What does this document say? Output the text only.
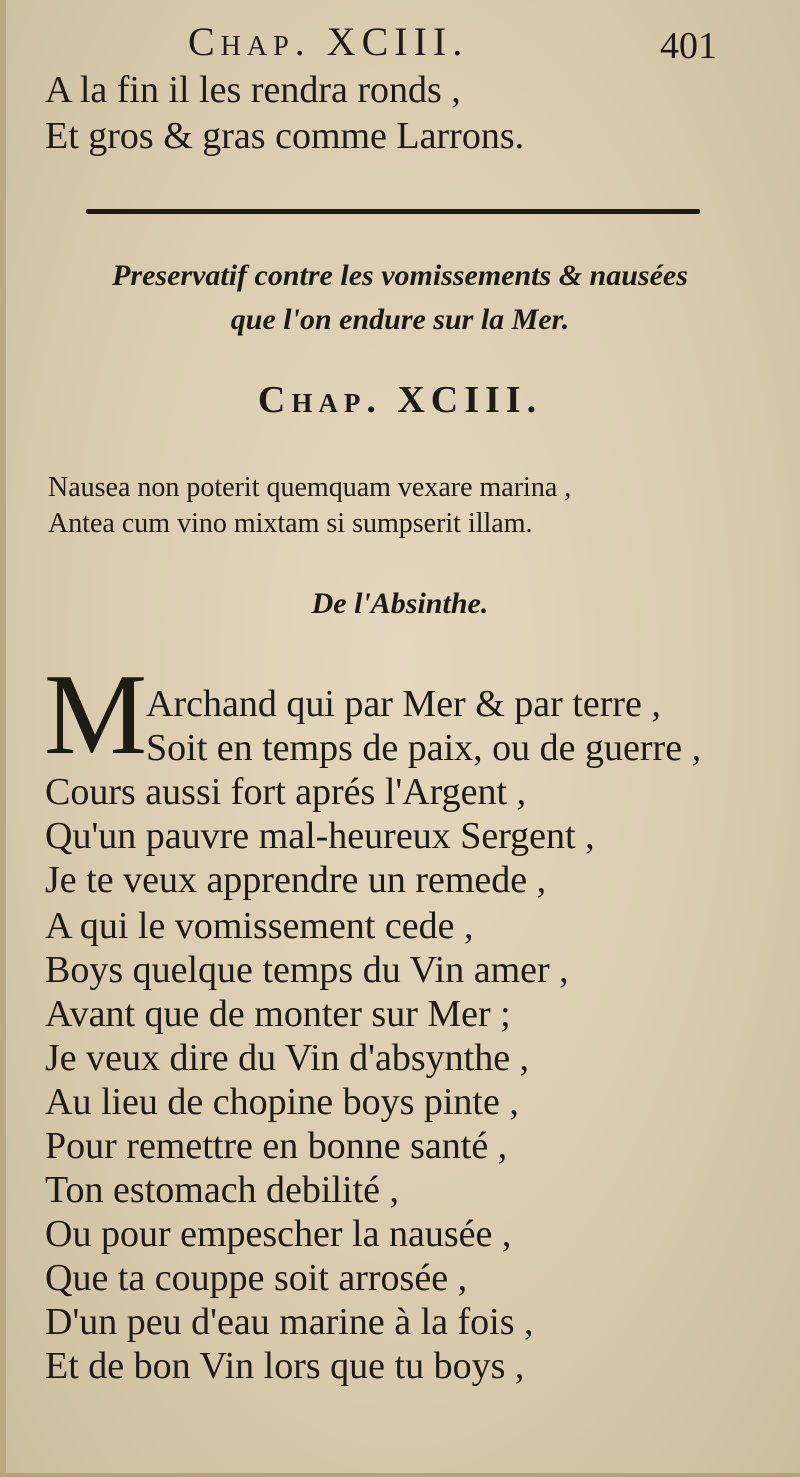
Chap. XCIII.	401
A la fin il les rendra ronds ,
Et gros & gras comme Larrons.
Preservatif contre les vomissements & nausées
que l'on endure sur la Mer.
Chap. XCIII.
Nausea non poterit quemquam vexare marina ,
Antea cum vino mixtam si sumpserit illam.
De l'Absinthe.
M
Archand qui par Mer & par terre ,
Soit en temps de paix, ou de guerre ,
Cours aussi fort aprés l'Argent ,
Qu'un pauvre mal-heureux Sergent ,
Je te veux apprendre un remede ,
A qui le vomissement cede ,
Boys quelque temps du Vin amer ,
Avant que de monter sur Mer ;
Je veux dire du Vin d'absynthe ,
Au lieu de chopine boys pinte ,
Pour remettre en bonne santé ,
Ton estomach debilité ,
Ou pour empescher la nausée ,
Que ta couppe soit arrosée ,
D'un peu d'eau marine à la fois ,
Et de bon Vin lors que tu boys ,
